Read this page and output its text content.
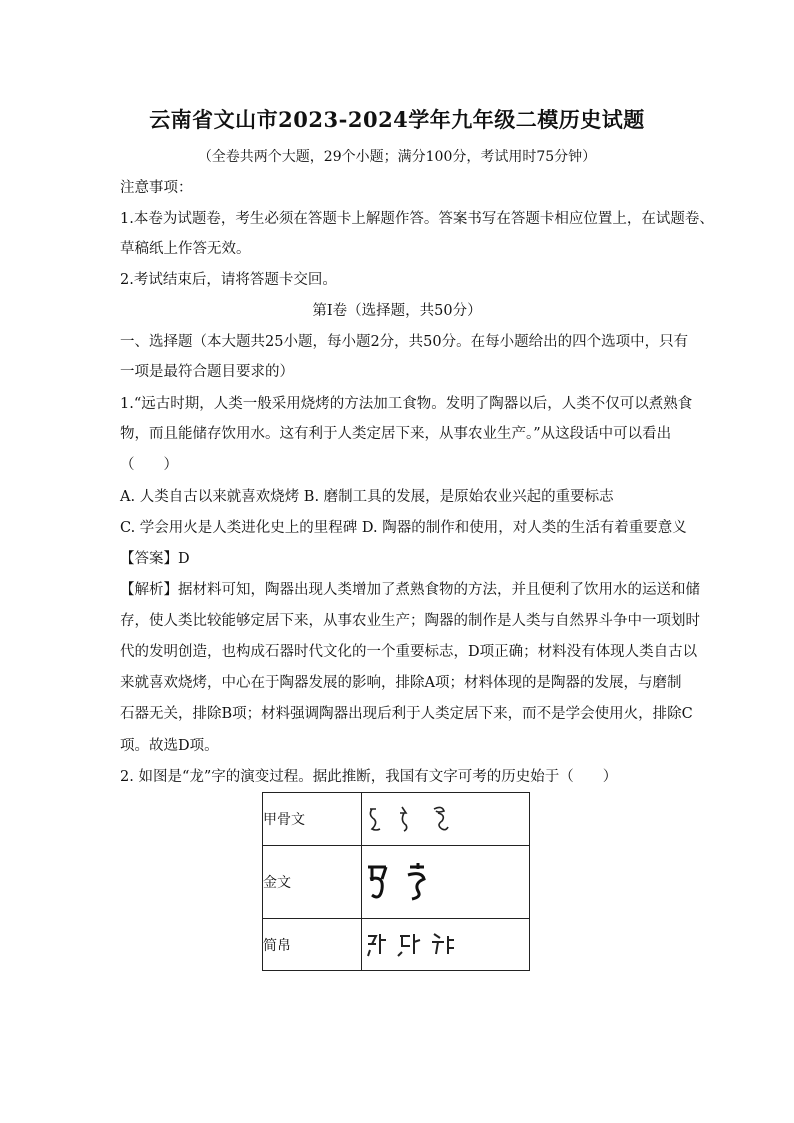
云南省文山市2023-2024学年九年级二模历史试题
（全卷共两个大题，29个小题；满分100分，考试用时75分钟）
注意事项：
1.本卷为试题卷，考生必须在答题卡上解题作答。答案书写在答题卡相应位置上，在试题卷、
草稿纸上作答无效。
2.考试结束后，请将答题卡交回。
第Ⅰ卷（选择题，共50分）
一、选择题（本大题共25小题，每小题2分，共50分。在每小题给出的四个选项中，只有
一项是最符合题目要求的）
1.“远古时期，人类一般采用烧烤的方法加工食物。发明了陶器以后，人类不仅可以煮熟食
物，而且能储存饮用水。这有利于人类定居下来，从事农业生产。”从这段话中可以看出
（　　）
A. 人类自古以来就喜欢烧烤 B. 磨制工具的发展，是原始农业兴起的重要标志
C. 学会用火是人类进化史上的里程碑 D. 陶器的制作和使用，对人类的生活有着重要意义
【答案】D
【解析】据材料可知，陶器出现人类增加了煮熟食物的方法，并且便利了饮用水的运送和储
存，使人类比较能够定居下来，从事农业生产；陶器的制作是人类与自然界斗争中一项划时
代的发明创造，也构成石器时代文化的一个重要标志，D项正确；材料没有体现人类自古以
来就喜欢烧烤，中心在于陶器发展的影响，排除A项；材料体现的是陶器的发展，与磨制
石器无关，排除B项；材料强调陶器出现后利于人类定居下来，而不是学会使用火，排除C
项。故选D项。
2. 如图是“龙”字的演变过程。据此推断，我国有文字可考的历史始于（　　）
甲骨文	
金文	
简帛	
